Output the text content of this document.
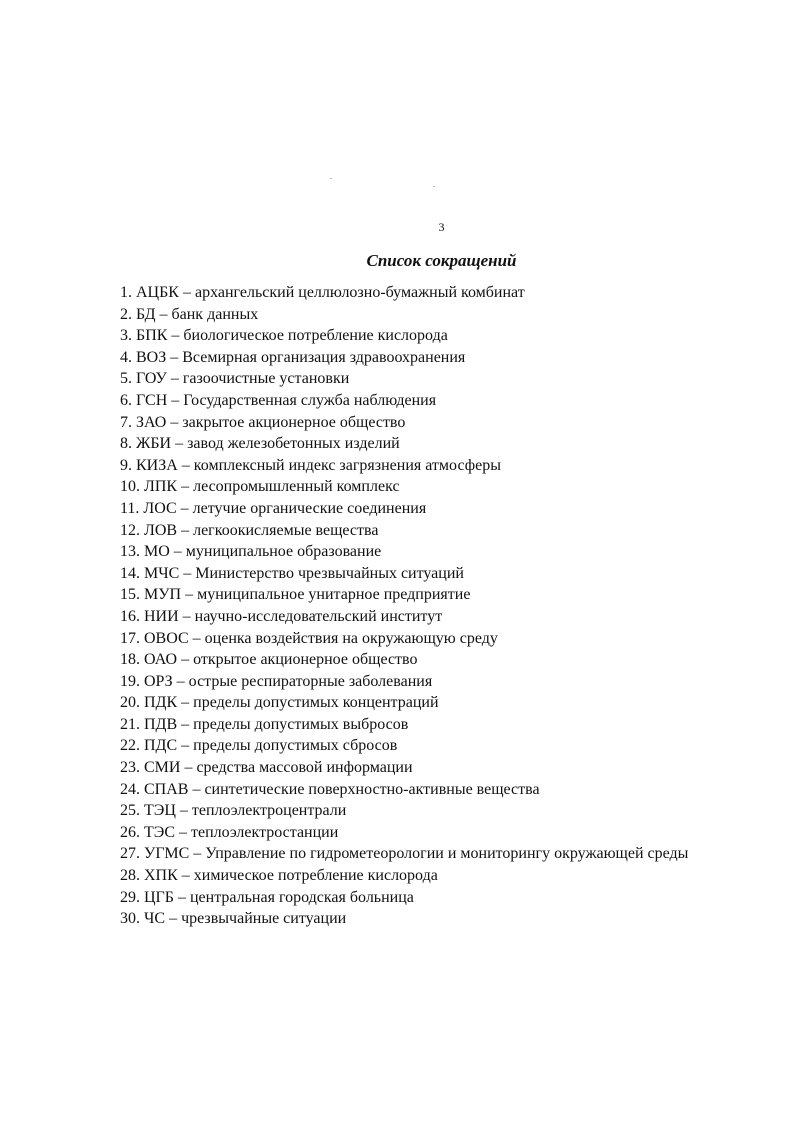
3
Список сокращений
1. АЦБК – архангельский целлюлозно-бумажный комбинат
2. БД – банк данных
3. БПК – биологическое потребление кислорода
4. ВОЗ – Всемирная организация здравоохранения
5. ГОУ – газоочистные установки
6. ГСН – Государственная служба наблюдения
7. ЗАО – закрытое акционерное общество
8. ЖБИ – завод железобетонных изделий
9. КИЗА – комплексный индекс загрязнения атмосферы
10. ЛПК – лесопромышленный комплекс
11. ЛОС – летучие органические соединения
12. ЛОВ – легкоокисляемые вещества
13. МО – муниципальное образование
14. МЧС – Министерство чрезвычайных ситуаций
15. МУП – муниципальное унитарное предприятие
16. НИИ – научно-исследовательский институт
17. ОВОС – оценка воздействия на окружающую среду
18. ОАО – открытое акционерное общество
19. ОРЗ – острые респираторные заболевания
20. ПДК – пределы допустимых концентраций
21. ПДВ – пределы допустимых выбросов
22. ПДС – пределы допустимых сбросов
23. СМИ – средства массовой информации
24. СПАВ – синтетические поверхностно-активные вещества
25. ТЭЦ – теплоэлектроцентрали
26. ТЭС – теплоэлектростанции
27. УГМС – Управление по гидрометеорологии и мониторингу окружающей среды
28. ХПК – химическое потребление кислорода
29. ЦГБ – центральная городская больница
30. ЧС – чрезвычайные ситуации
